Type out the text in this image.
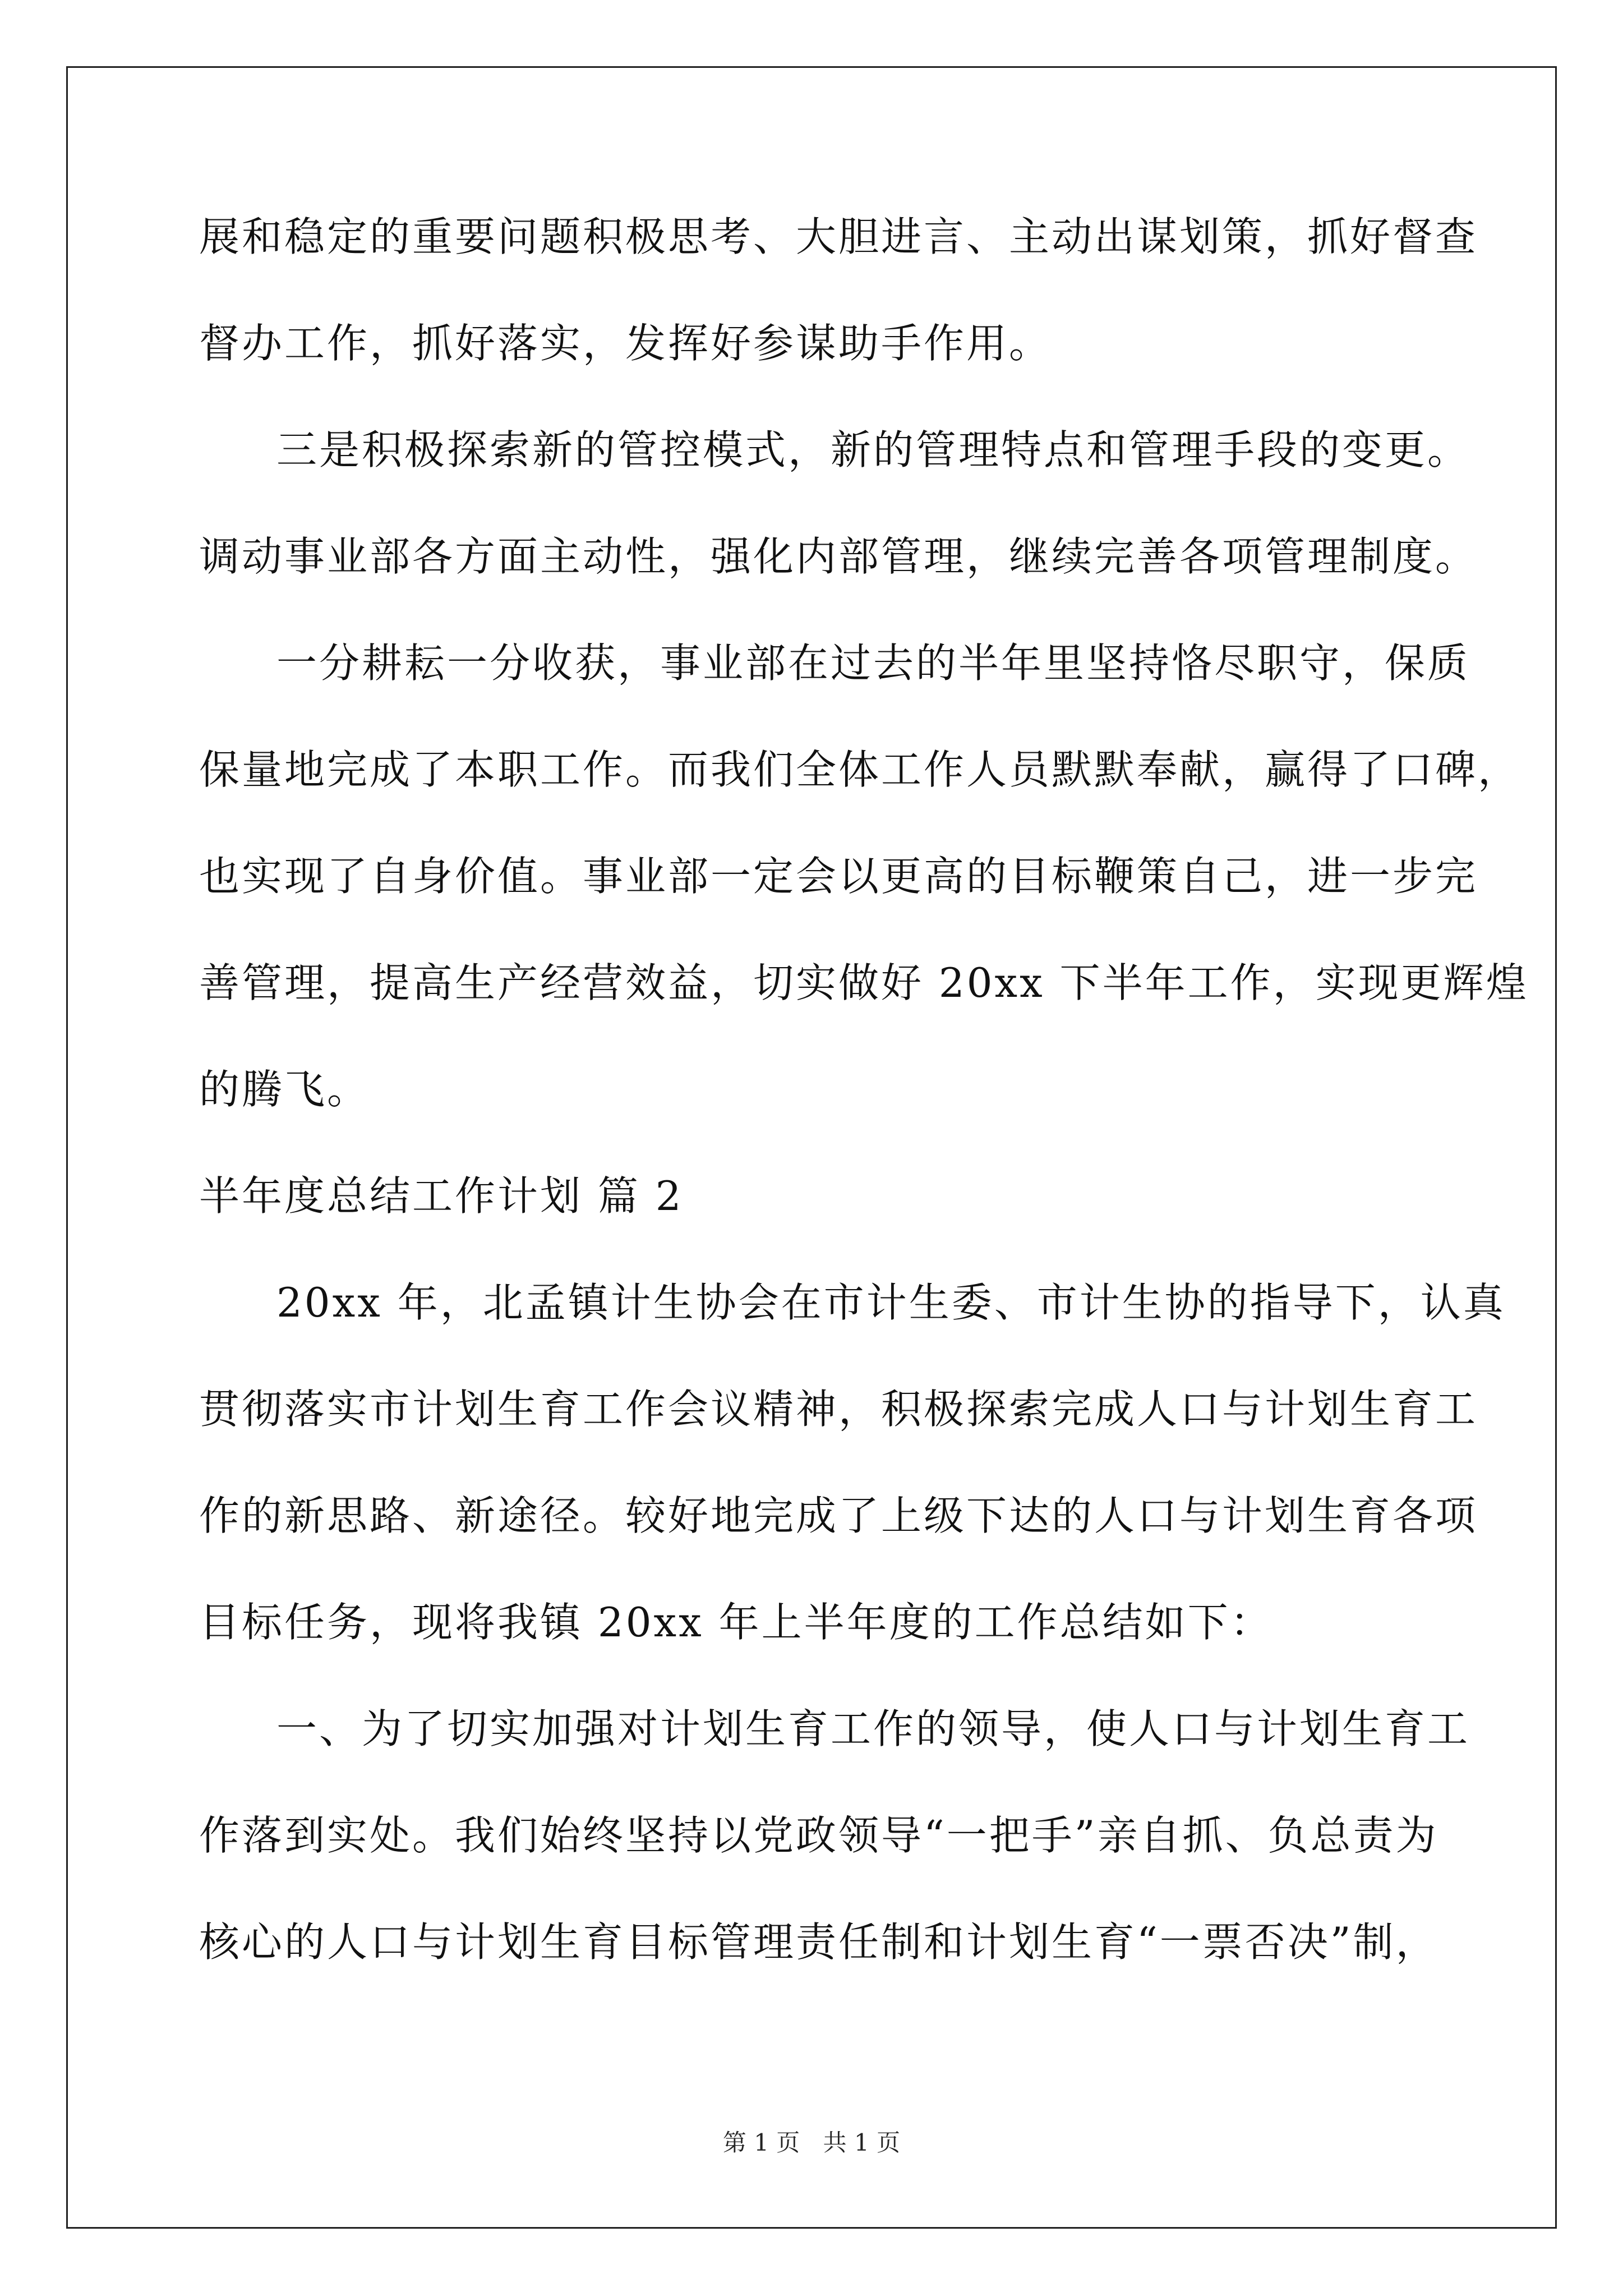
展和稳定的重要问题积极思考、大胆进言、主动出谋划策，抓好督查
督办工作，抓好落实，发挥好参谋助手作用。
三是积极探索新的管控模式，新的管理特点和管理手段的变更。
调动事业部各方面主动性，强化内部管理，继续完善各项管理制度。
一分耕耘一分收获，事业部在过去的半年里坚持恪尽职守，保质
保量地完成了本职工作。而我们全体工作人员默默奉献，赢得了口碑，
也实现了自身价值。事业部一定会以更高的目标鞭策自己，进一步完
善管理，提高生产经营效益，切实做好 20xx 下半年工作，实现更辉煌
的腾飞。
半年度总结工作计划 篇 2
20xx 年，北孟镇计生协会在市计生委、市计生协的指导下，认真
贯彻落实市计划生育工作会议精神，积极探索完成人口与计划生育工
作的新思路、新途径。较好地完成了上级下达的人口与计划生育各项
目标任务，现将我镇 20xx 年上半年度的工作总结如下：
一、为了切实加强对计划生育工作的领导，使人口与计划生育工
作落到实处。我们始终坚持以党政领导“一把手”亲自抓、负总责为
核心的人口与计划生育目标管理责任制和计划生育“一票否决”制，
第 1 页 共 1 页
